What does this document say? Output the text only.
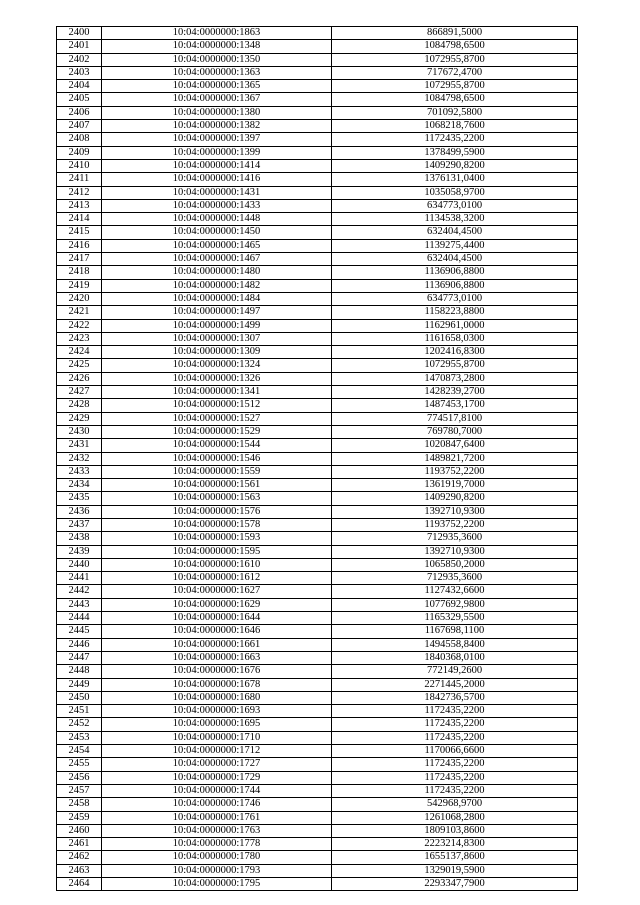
2400	10:04:0000000:1863	866891,5000
2401	10:04:0000000:1348	1084798,6500
2402	10:04:0000000:1350	1072955,8700
2403	10:04:0000000:1363	717672,4700
2404	10:04:0000000:1365	1072955,8700
2405	10:04:0000000:1367	1084798,6500
2406	10:04:0000000:1380	701092,5800
2407	10:04:0000000:1382	1068218,7600
2408	10:04:0000000:1397	1172435,2200
2409	10:04:0000000:1399	1378499,5900
2410	10:04:0000000:1414	1409290,8200
2411	10:04:0000000:1416	1376131,0400
2412	10:04:0000000:1431	1035058,9700
2413	10:04:0000000:1433	634773,0100
2414	10:04:0000000:1448	1134538,3200
2415	10:04:0000000:1450	632404,4500
2416	10:04:0000000:1465	1139275,4400
2417	10:04:0000000:1467	632404,4500
2418	10:04:0000000:1480	1136906,8800
2419	10:04:0000000:1482	1136906,8800
2420	10:04:0000000:1484	634773,0100
2421	10:04:0000000:1497	1158223,8800
2422	10:04:0000000:1499	1162961,0000
2423	10:04:0000000:1307	1161658,0300
2424	10:04:0000000:1309	1202416,8300
2425	10:04:0000000:1324	1072955,8700
2426	10:04:0000000:1326	1470873,2800
2427	10:04:0000000:1341	1428239,2700
2428	10:04:0000000:1512	1487453,1700
2429	10:04:0000000:1527	774517,8100
2430	10:04:0000000:1529	769780,7000
2431	10:04:0000000:1544	1020847,6400
2432	10:04:0000000:1546	1489821,7200
2433	10:04:0000000:1559	1193752,2200
2434	10:04:0000000:1561	1361919,7000
2435	10:04:0000000:1563	1409290,8200
2436	10:04:0000000:1576	1392710,9300
2437	10:04:0000000:1578	1193752,2200
2438	10:04:0000000:1593	712935,3600
2439	10:04:0000000:1595	1392710,9300
2440	10:04:0000000:1610	1065850,2000
2441	10:04:0000000:1612	712935,3600
2442	10:04:0000000:1627	1127432,6600
2443	10:04:0000000:1629	1077692,9800
2444	10:04:0000000:1644	1165329,5500
2445	10:04:0000000:1646	1167698,1100
2446	10:04:0000000:1661	1494558,8400
2447	10:04:0000000:1663	1840368,0100
2448	10:04:0000000:1676	772149,2600
2449	10:04:0000000:1678	2271445,2000
2450	10:04:0000000:1680	1842736,5700
2451	10:04:0000000:1693	1172435,2200
2452	10:04:0000000:1695	1172435,2200
2453	10:04:0000000:1710	1172435,2200
2454	10:04:0000000:1712	1170066,6600
2455	10:04:0000000:1727	1172435,2200
2456	10:04:0000000:1729	1172435,2200
2457	10:04:0000000:1744	1172435,2200
2458	10:04:0000000:1746	542968,9700
2459	10:04:0000000:1761	1261068,2800
2460	10:04:0000000:1763	1809103,8600
2461	10:04:0000000:1778	2223214,8300
2462	10:04:0000000:1780	1655137,8600
2463	10:04:0000000:1793	1329019,5900
2464	10:04:0000000:1795	2293347,7900
